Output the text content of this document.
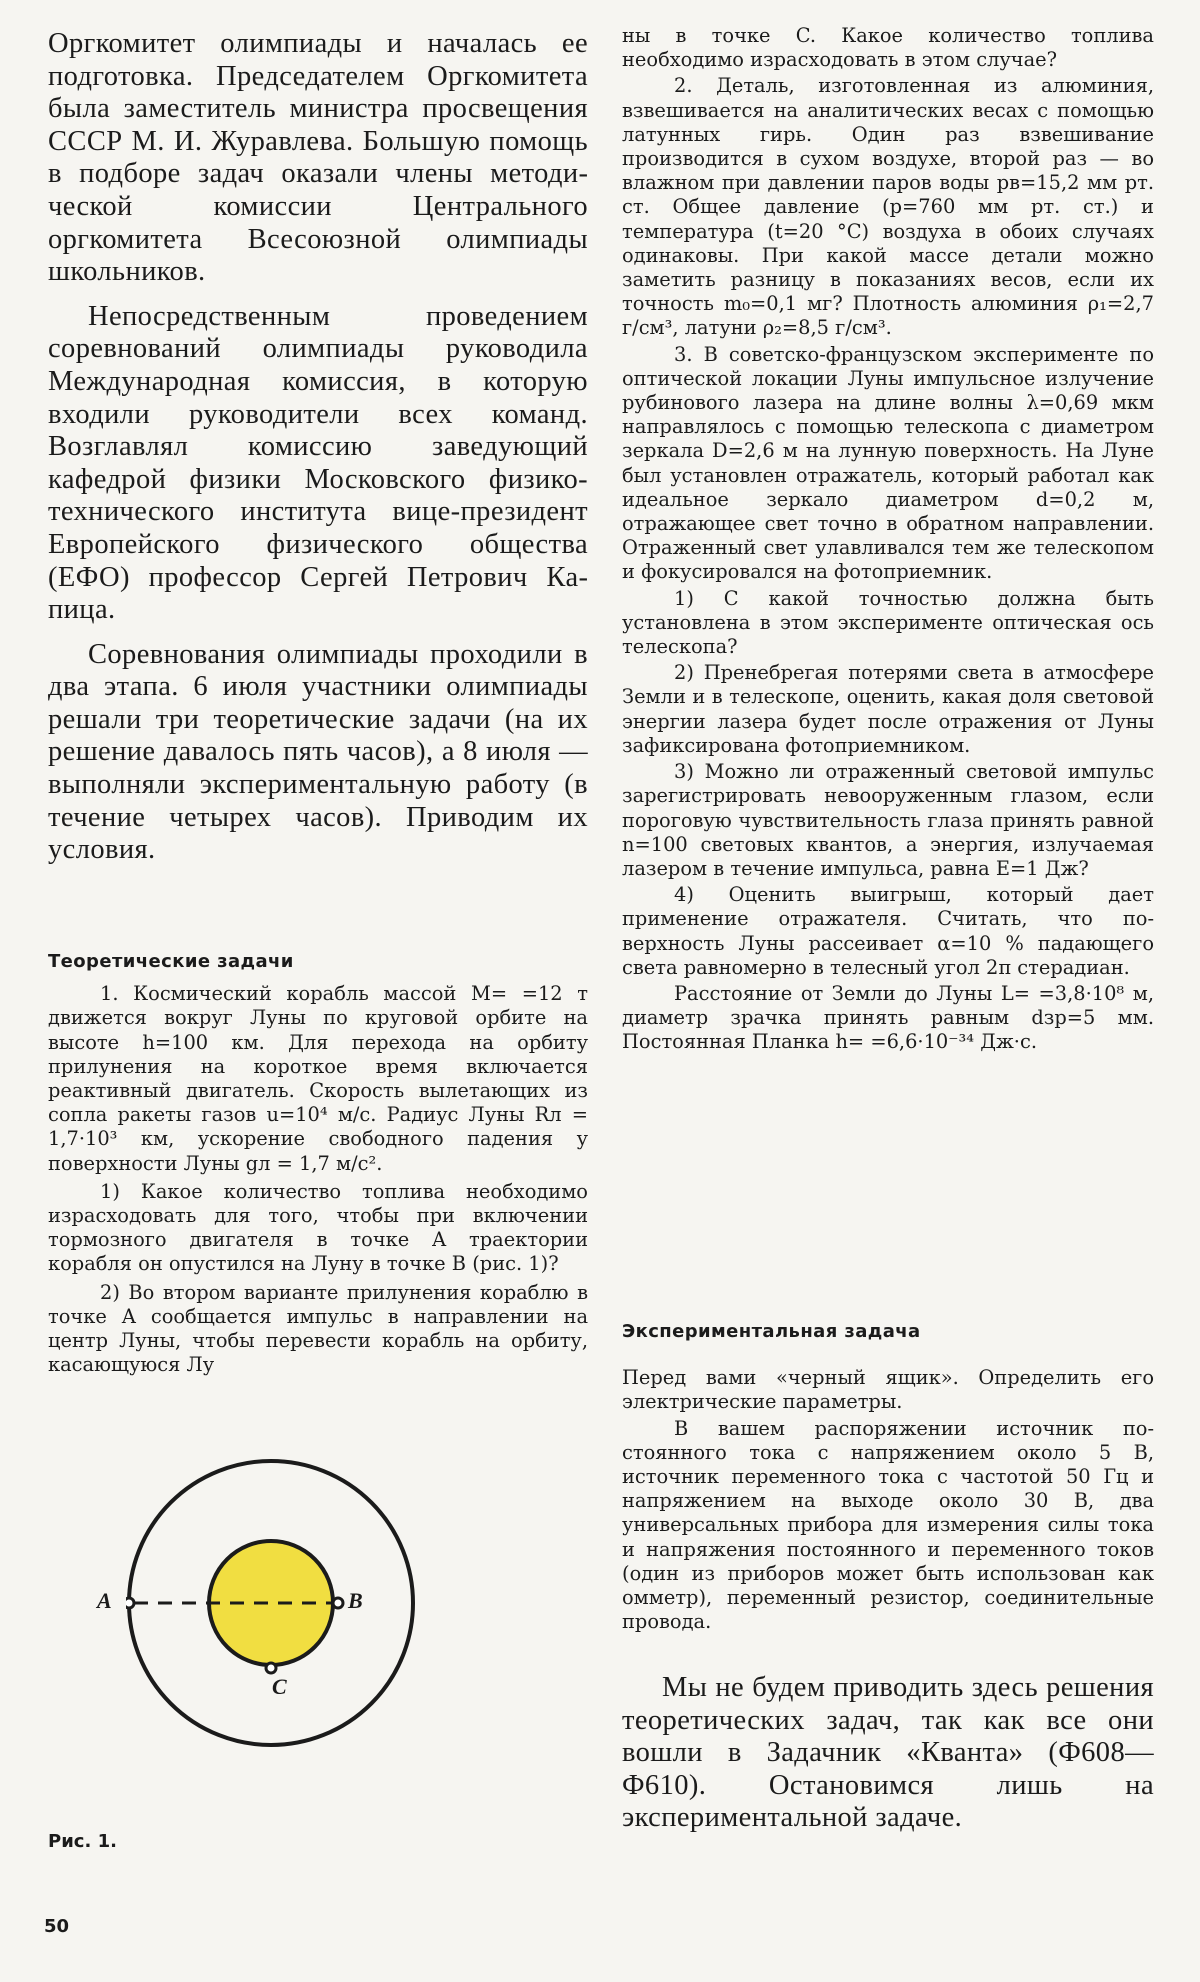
Оргкомитет олимпиады и началась ее подготовка. Председателем Оргкомитета была заместитель министра просвещения СССР М. И. Журавлева. Большую помощь в подборе задач оказали члены методической комиссии Центрального оргкомитета Всесоюзной олимпиады школьников.

Непосредственным проведением соревнований олимпиады руководила Международная комиссия, в которую входили руководители всех команд. Возглавлял комиссию заведующий кафедрой физики Московского физико-технического института вице-президент Европейского физического общества (ЕФО) профессор Сергей Петрович Капица.

Соревнования олимпиады проходили в два этапа. 6 июля участники олимпиады решали три теоретические задачи (на их решение давалось пять часов), а 8 июля — выполняли экспериментальную работу (в течение четырех часов). Приводим их условия.

Теоретические задачи

1. Космический корабль массой M= =12 т движется вокруг Луны по круговой орбите на высоте h=100 км. Для перехода на орбиту прилунения на короткое время включается реактивный двигатель. Скорость вылетающих из сопла ракеты газов u=10⁴ м/с. Радиус Луны Rл = 1,7·10³ км, ускорение свободного падения у поверхности Луны gл = 1,7 м/с².

1) Какое количество топлива необходимо израсходовать для того, чтобы при включении тормозного двигателя в точке A траектории корабля он опустился на Луну в точке B (рис. 1)?

2) Во втором варианте прилунения кораблю в точке A сообщается импульс в направлении на центр Луны, чтобы перевести корабль на орбиту, касающуюся Лу

A	B
C
Рис. 1.
50

ны в точке C. Какое количество топлива необходимо израсходовать в этом случае?

2. Деталь, изготовленная из алюминия, взвешивается на аналитических весах с помощью латунных гирь. Один раз взвешивание производится в сухом воздухе, второй раз — во влажном при давлении паров воды pв=15,2 мм рт. ст. Общее давление (p=760 мм рт. ст.) и температура (t=20 °C) воздуха в обоих случаях одинаковы. При какой массе детали можно заметить разницу в показаниях весов, если их точность m₀=0,1 мг? Плотность алюминия ρ₁=2,7 г/см³, латуни ρ₂=8,5 г/см³.

3. В советско-французском эксперименте по оптической локации Луны импульсное излучение рубинового лазера на длине волны λ=0,69 мкм направлялось с помощью телескопа с диаметром зеркала D=2,6 м на лунную поверхность. На Луне был установлен отражатель, который работал как идеальное зеркало диаметром d=0,2 м, отражающее свет точно в обратном направлении. Отраженный свет улавливался тем же телескопом и фокусировался на фотоприемник.

1) С какой точностью должна быть установлена в этом эксперименте оптическая ось телескопа?

2) Пренебрегая потерями света в атмосфере Земли и в телескопе, оценить, какая доля световой энергии лазера будет после отражения от Луны зафиксирована фотоприемником.

3) Можно ли отраженный световой импульс зарегистрировать невооруженным глазом, если пороговую чувствительность глаза принять равной n=100 световых квантов, а энергия, излучаемая лазером в течение импульса, равна E=1 Дж?

4) Оценить выигрыш, который дает применение отражателя. Считать, что поверхность Луны рассеивает α=10 % падающего света равномерно в телесный угол 2π стерадиан.

Расстояние от Земли до Луны L= =3,8·10⁸ м, диаметр зрачка принять равным dзр=5 мм. Постоянная Планка h= =6,6·10⁻³⁴ Дж·с.

Экспериментальная задача

Перед вами «черный ящик». Определить его электрические параметры.

В вашем распоряжении источник постоянного тока с напряжением около 5 В, источник переменного тока с частотой 50 Гц и напряжением на выходе около 30 В, два универсальных прибора для измерения силы тока и напряжения постоянного и переменного токов (один из приборов может быть использован как омметр), переменный резистор, соединительные провода.

Мы не будем приводить здесь решения теоретических задач, так как все они вошли в Задачник «Кванта» (Ф608—Ф610). Остановимся лишь на экспериментальной задаче.
